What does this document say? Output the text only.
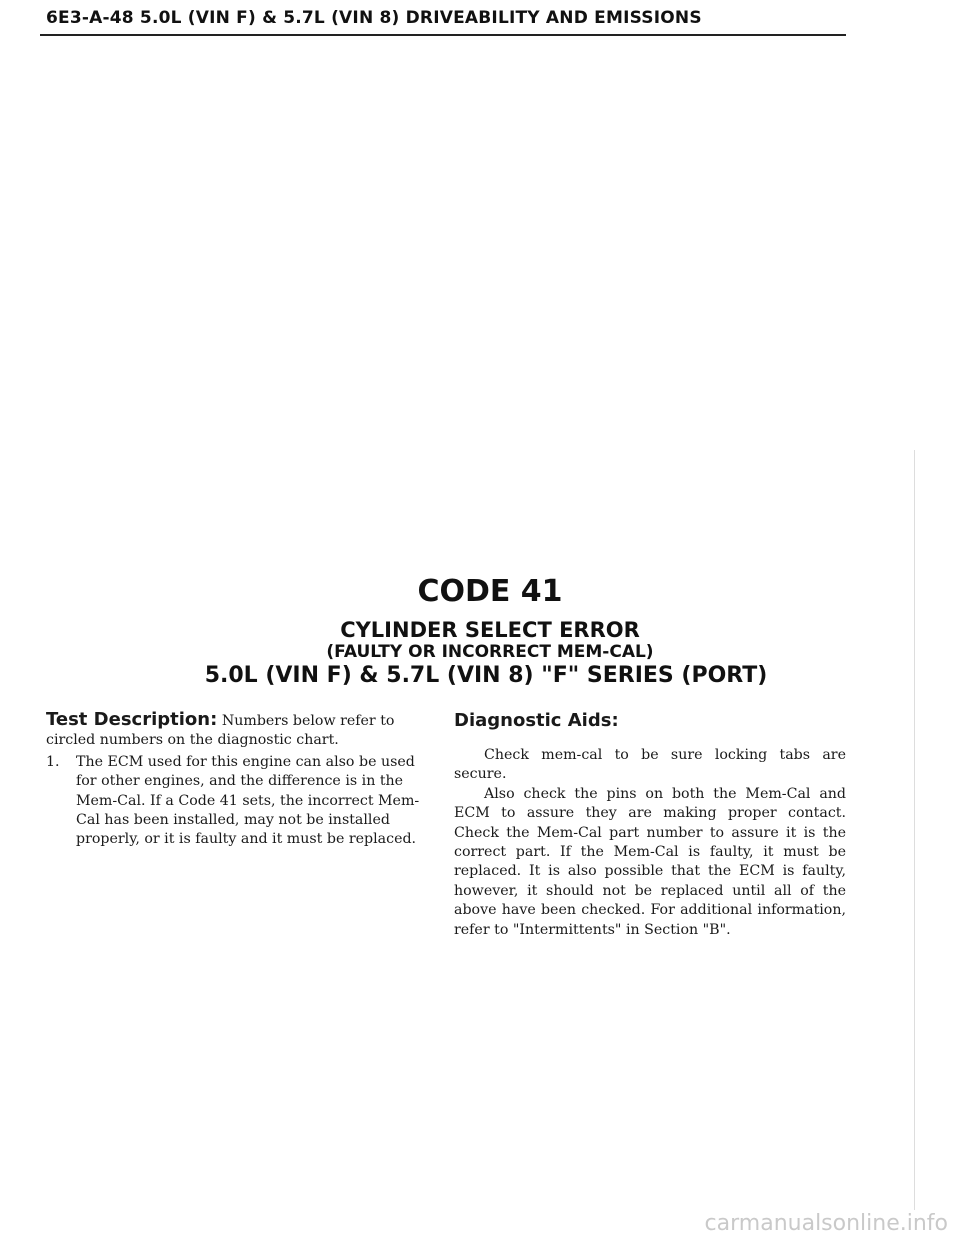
6E3-A-48 5.0L (VIN F) & 5.7L (VIN 8) DRIVEABILITY AND EMISSIONS
CODE 41
CYLINDER SELECT ERROR
(FAULTY OR INCORRECT MEM-CAL)
5.0L (VIN F) & 5.7L (VIN 8) "F" SERIES (PORT)
Test Description: Numbers below refer to circled numbers on the diagnostic chart.
1. The ECM used for this engine can also be used for other engines, and the difference is in the Mem-Cal. If a Code 41 sets, the incorrect Mem-Cal has been installed, may not be installed properly, or it is faulty and it must be replaced.
Diagnostic Aids:

Check mem-cal to be sure locking tabs are secure.

Also check the pins on both the Mem-Cal and ECM to assure they are making proper contact. Check the Mem-Cal part number to assure it is the correct part. If the Mem-Cal is faulty, it must be replaced. It is also possible that the ECM is faulty, however, it should not be replaced until all of the above have been checked. For additional information, refer to "Intermittents" in Section "B".

carmanualsonline.info
